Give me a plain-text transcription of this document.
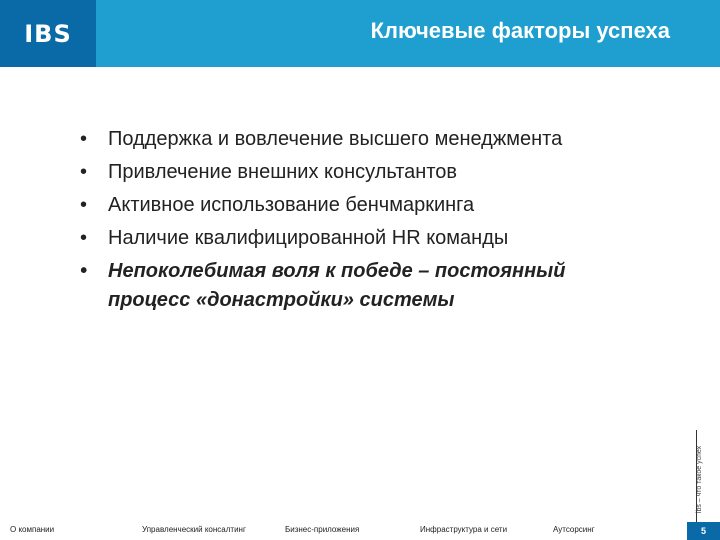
IBS	Ключевые факторы успеха
• Поддержка и вовлечение высшего менеджмента
• Привлечение внешних консультантов
• Активное использование бенчмаркинга
• Наличие квалифицированной HR команды
• Непоколебимая воля к победе – постоянный процесс «донастройки» системы
ibs – что такое успех
О компании	Управленческий консалтинг	Бизнес-приложения	Инфраструктура и сети	Аутсорсинг	5
